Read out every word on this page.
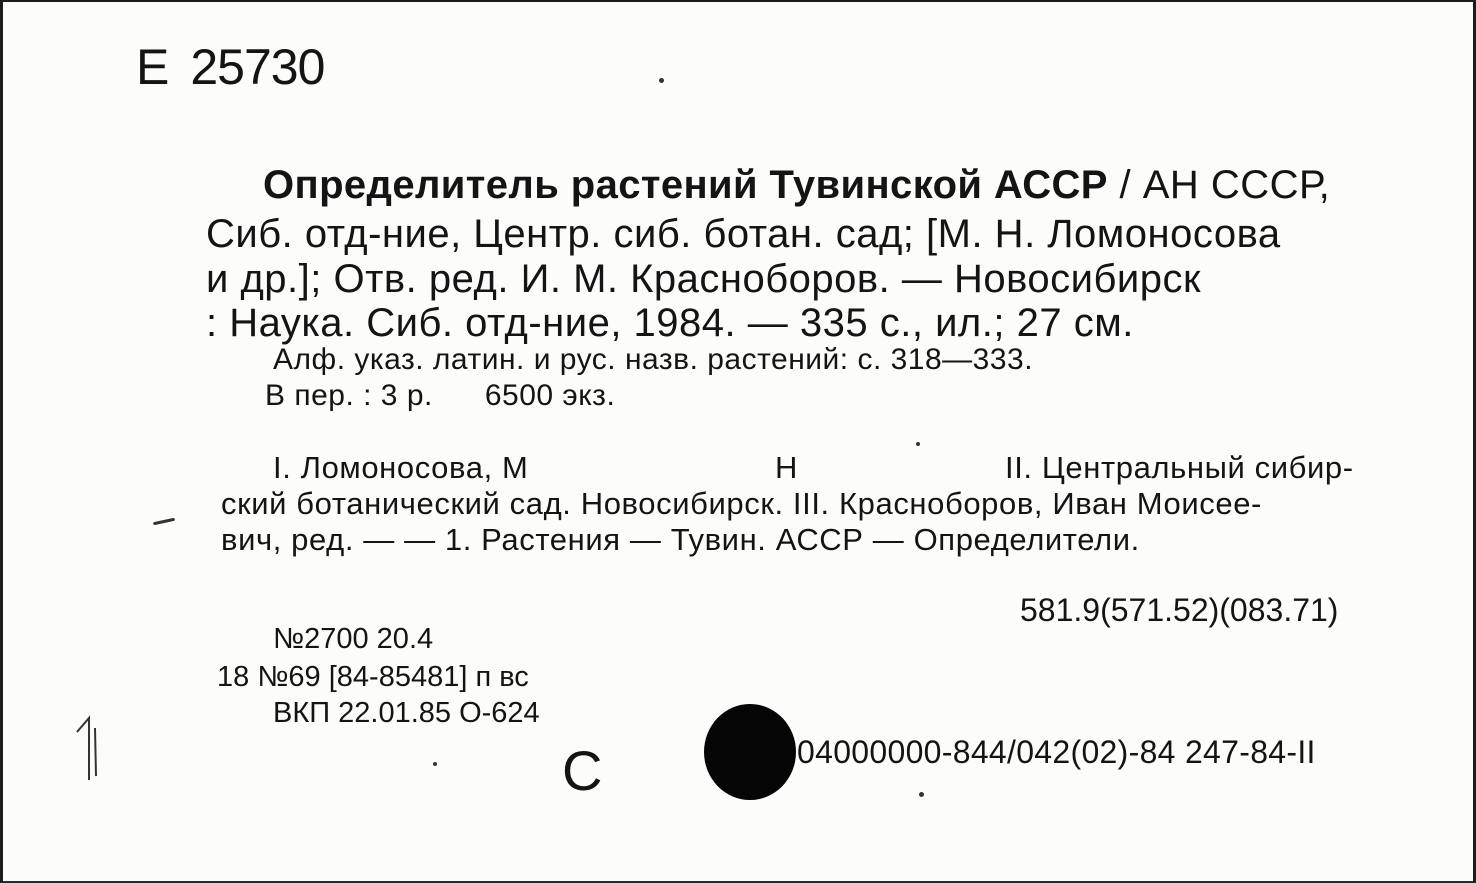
Е 25730
Определитель растений Тувинской АССР / АН СССР,
Сиб. отд-ние, Центр. сиб. ботан. сад; [М. Н. Ломоносова
и др.]; Отв. ред. И. М. Красноборов. — Новосибирск
: Наука. Сиб. отд-ние, 1984. — 335 с., ил.; 27 см.
Алф. указ. латин. и рус. назв. растений: с. 318—333.
В пер. : 3 р. 6500 экз.
I. Ломоносова, М	Н	II. Центральный сибир-
ский ботанический сад. Новосибирск. III. Красноборов, Иван Моисее-
вич, ред. — — 1. Растения — Тувин. АССР — Определители.
581.9(571.52)(083.71)
№2700 20.4
18 №69 [84-85481] п вс
ВКП 22.01.85 О-624
С	04000000-844/042(02)-84 247-84-II
